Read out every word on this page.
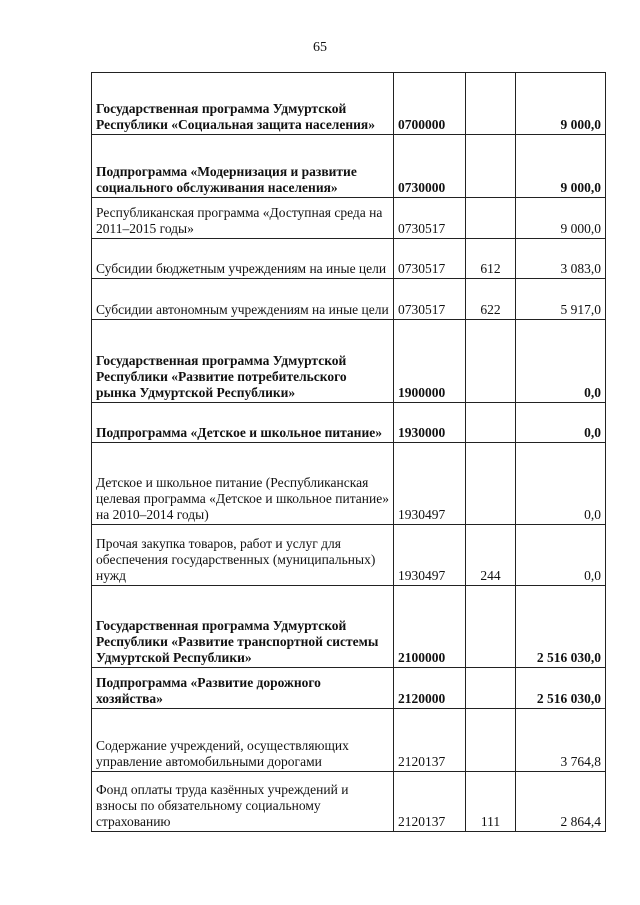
65
Государственная программа Удмуртской Республики «Социальная защита населения»	0700000		9 000,0
Подпрограмма «Модернизация и развитие социального обслуживания населения»	0730000		9 000,0
Республиканская программа «Доступная среда на 2011–2015 годы»	0730517		9 000,0
Субсидии бюджетным учреждениям на иные цели	0730517	612	3 083,0
Субсидии автономным учреждениям на иные цели	0730517	622	5 917,0
Государственная программа Удмуртской Республики «Развитие потребительского рынка Удмуртской Республики»	1900000		0,0
Подпрограмма «Детское и школьное питание»	1930000		0,0
Детское и школьное питание (Республиканская целевая программа «Детское и школьное питание» на 2010–2014 годы)	1930497		0,0
Прочая закупка товаров, работ и услуг для обеспечения государственных (муниципальных) нужд	1930497	244	0,0
Государственная программа Удмуртской Республики «Развитие транспортной системы Удмуртской Республики»	2100000		2 516 030,0
Подпрограмма «Развитие дорожного хозяйства»	2120000		2 516 030,0
Содержание учреждений, осуществляющих управление автомобильными дорогами	2120137		3 764,8
Фонд оплаты труда казённых учреждений и взносы по обязательному социальному страхованию	2120137	111	2 864,4
